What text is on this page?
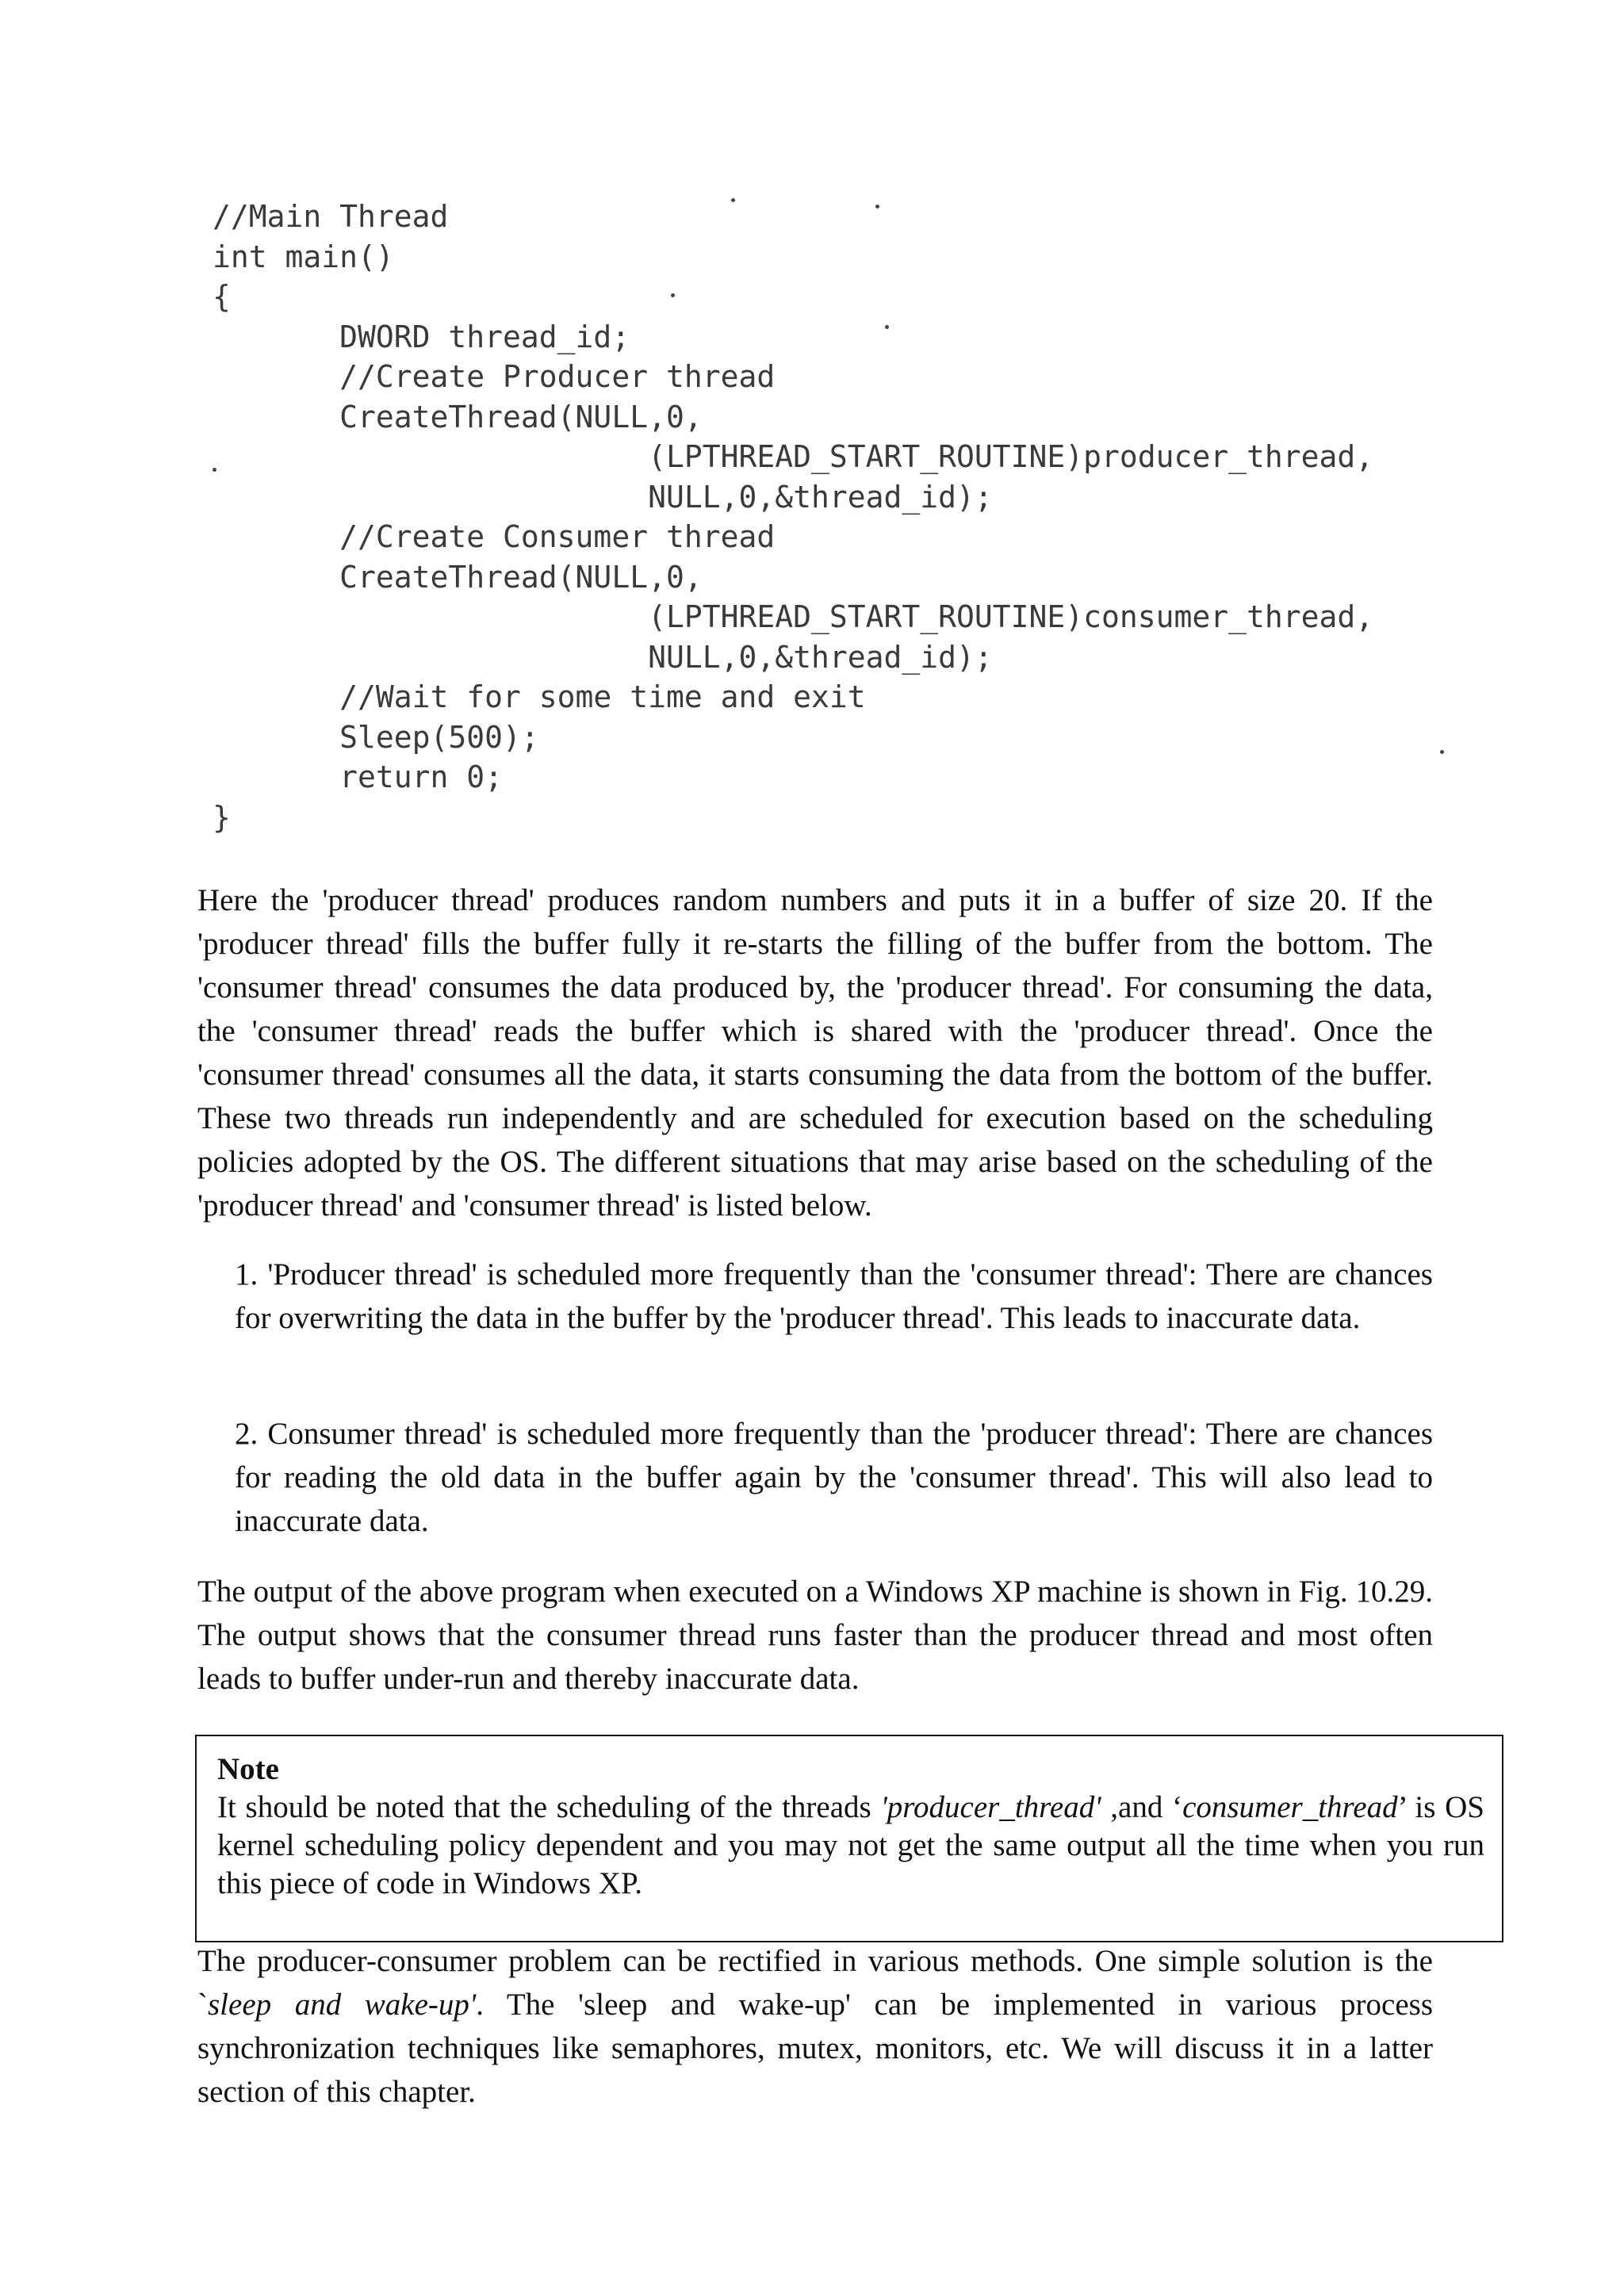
//Main Thread
int main()
{
DWORD thread_id;
//Create Producer thread
CreateThread(NULL,0,
(LPTHREAD_START_ROUTINE)producer_thread,
NULL,0,&thread_id);
//Create Consumer thread
CreateThread(NULL,0,
(LPTHREAD_START_ROUTINE)consumer_thread,
NULL,0,&thread_id);
//Wait for some time and exit
Sleep(500);
return 0;
}

Here the 'producer thread' produces random numbers and puts it in a buffer of size 20. If the 'producer thread' fills the buffer fully it re-starts the filling of the buffer from the bottom. The 'consumer thread' consumes the data produced by, the 'producer thread'. For consuming the data, the 'consumer thread' reads the buffer which is shared with the 'producer thread'. Once the 'consumer thread' consumes all the data, it starts consuming the data from the bottom of the buffer. These two threads run independently and are scheduled for execution based on the scheduling policies adopted by the OS. The different situations that may arise based on the scheduling of the 'producer thread' and 'consumer thread' is listed below.

1. 'Producer thread' is scheduled more frequently than the 'consumer thread': There are chances for overwriting the data in the buffer by the 'producer thread'. This leads to inaccurate data.

2. Consumer thread' is scheduled more frequently than the 'producer thread': There are chances for reading the old data in the buffer again by the 'consumer thread'. This will also lead to inaccurate data.

The output of the above program when executed on a Windows XP machine is shown in Fig. 10.29. The output shows that the consumer thread runs faster than the producer thread and most often leads to buffer under-run and thereby inaccurate data.

Note
It should be noted that the scheduling of the threads 'producer_thread' ,and ‘consumer_thread’ is OS kernel scheduling policy dependent and you may not get the same output all the time when you run this piece of code in Windows XP.

The producer-consumer problem can be rectified in various methods. One simple solution is the `sleep and wake-up'. The 'sleep and wake-up' can be implemented in various process synchronization techniques like semaphores, mutex, monitors, etc. We will discuss it in a latter section of this chapter.
